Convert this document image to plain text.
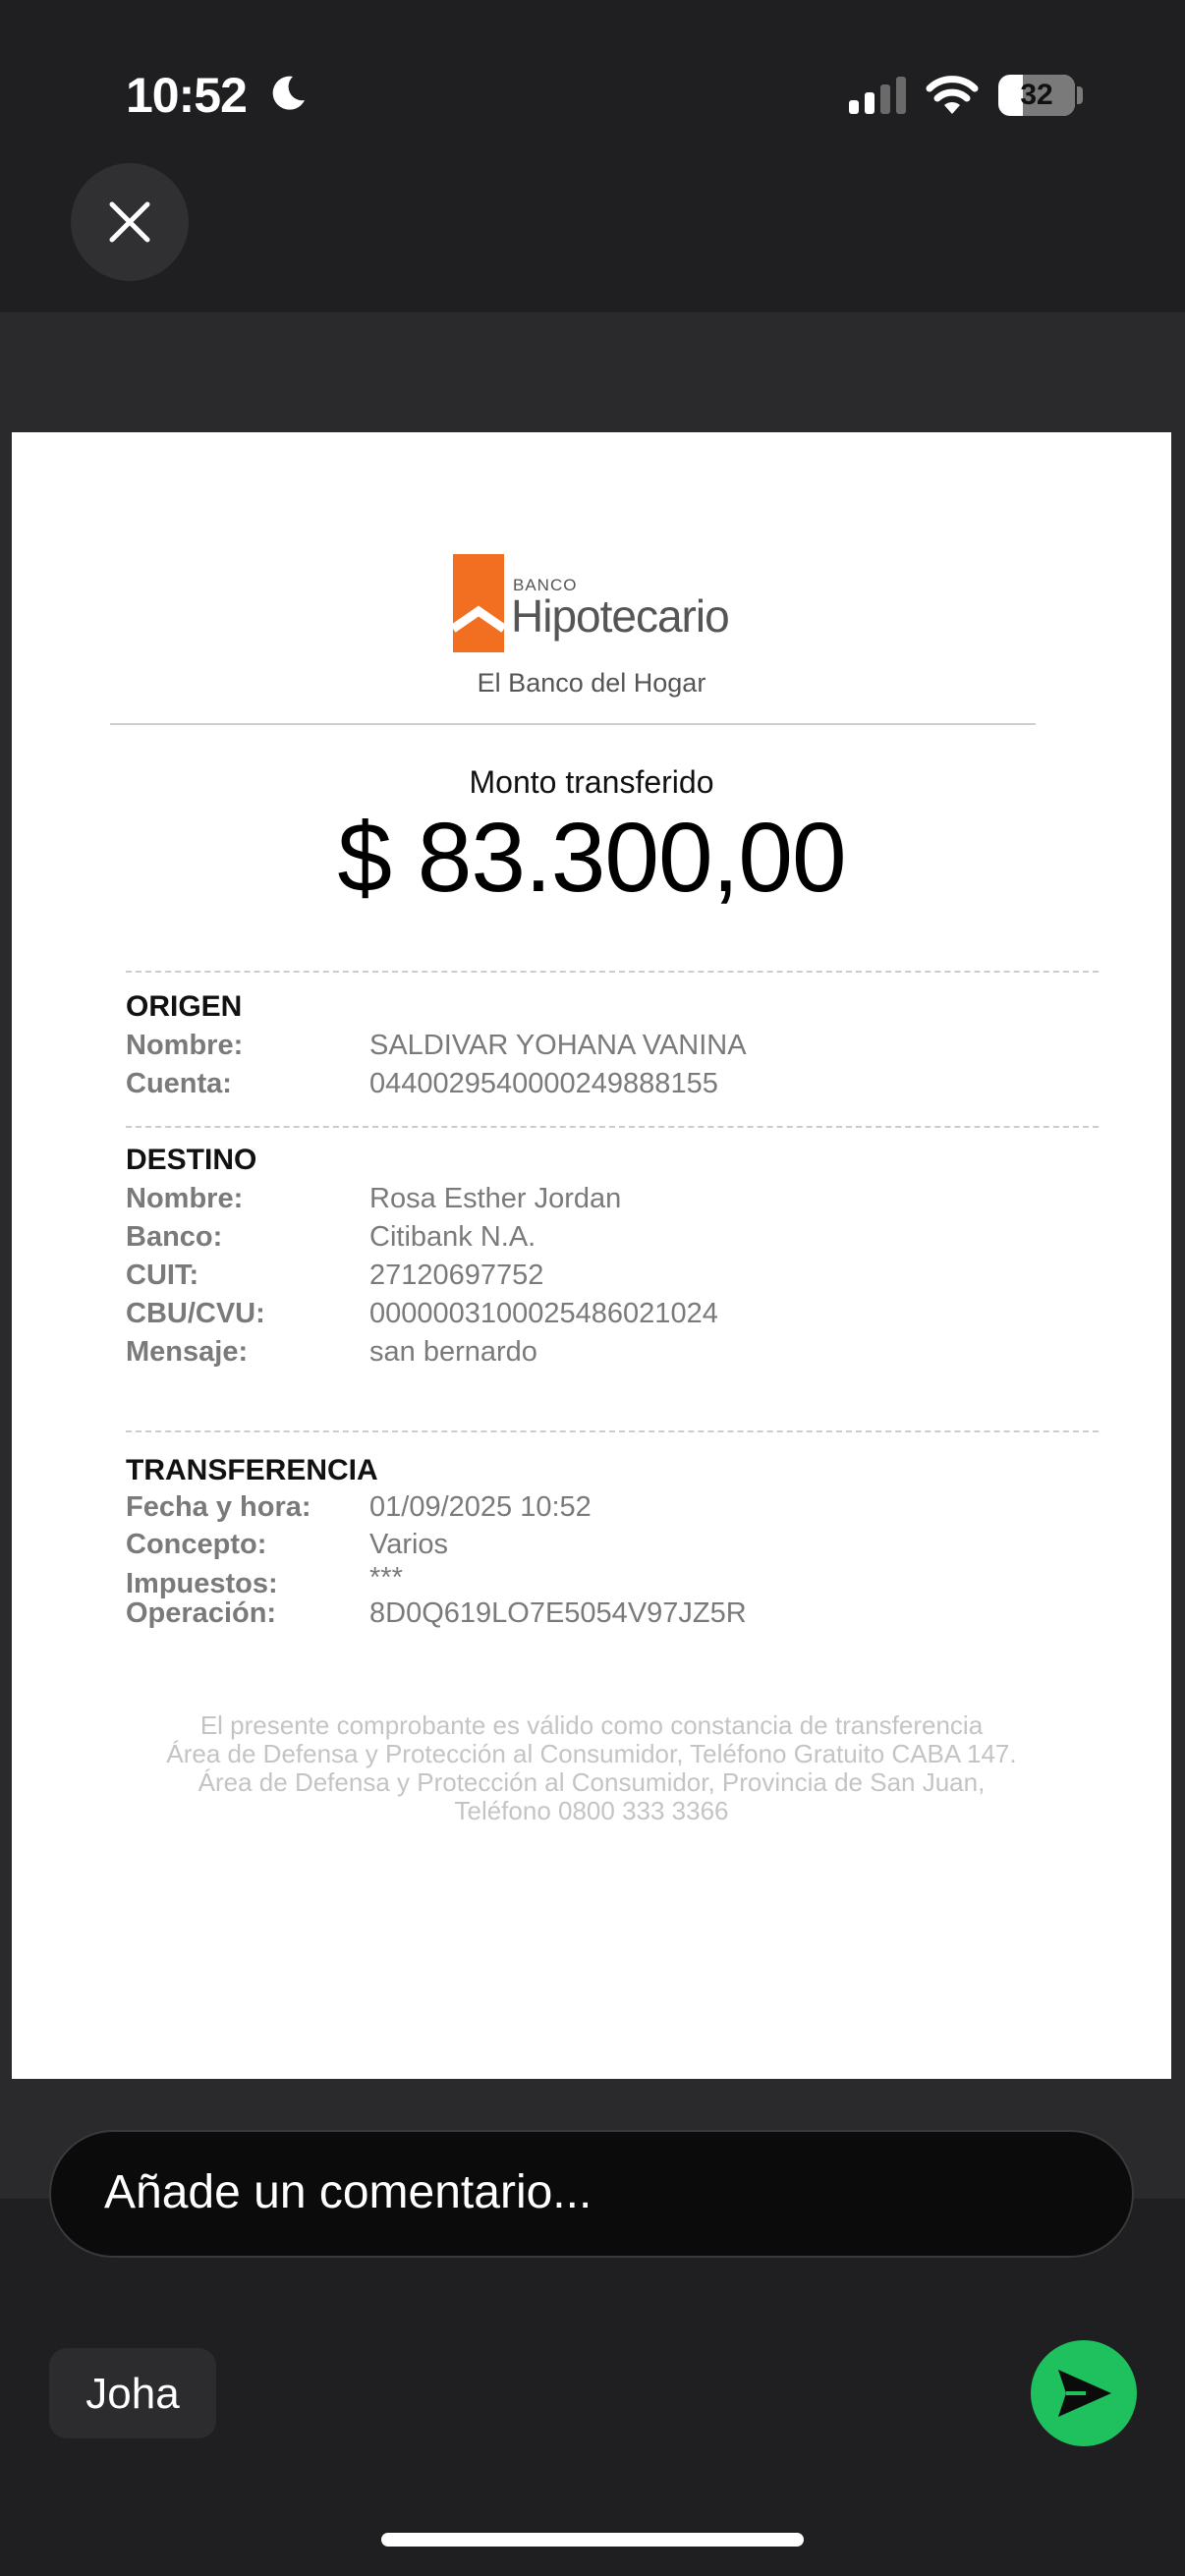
10:52	32
BANCO
Hipotecario
El Banco del Hogar
Monto transferido
$ 83.300,00
ORIGEN
Nombre:	SALDIVAR YOHANA VANINA
Cuenta:	0440029540000249888155
DESTINO
Nombre:	Rosa Esther Jordan
Banco:	Citibank N.A.
CUIT:	27120697752
CBU/CVU:	0000003100025486021024
Mensaje:	san bernardo
TRANSFERENCIA
Fecha y hora: 01/09/2025 10:52
Concepto:	Varios
Impuestos:	***
Operación:	8D0Q619LO7E5054V97JZ5R
El presente comprobante es válido como constancia de transferencia
Área de Defensa y Protección al Consumidor, Teléfono Gratuito CABA 147.
Área de Defensa y Protección al Consumidor, Provincia de San Juan,
Teléfono 0800 333 3366
Añade un comentario...
Joha
